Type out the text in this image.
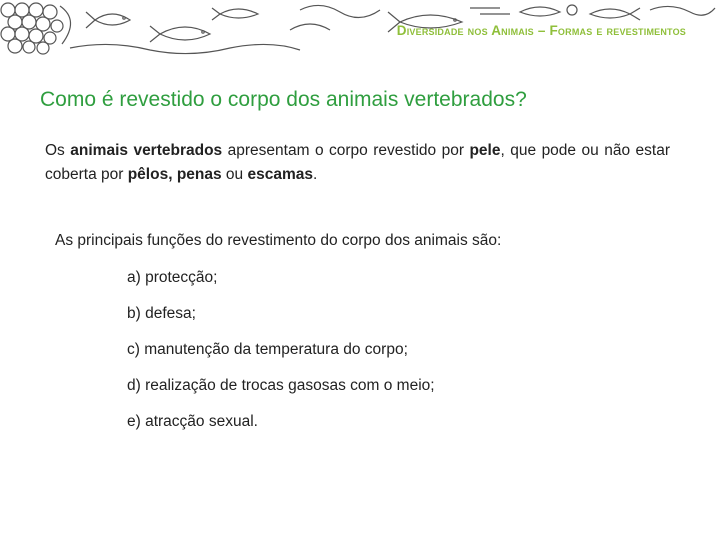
Diversidade nos Animais – Formas e revestimentos
Como é revestido o corpo dos animais vertebrados?

Os animais vertebrados apresentam o corpo revestido por pele, que pode ou não estar coberta por pêlos, penas ou escamas.

As principais funções do revestimento do corpo dos animais são:

a) protecção;
b) defesa;
c) manutenção da temperatura do corpo;
d) realização de trocas gasosas com o meio;
e) atracção sexual.
